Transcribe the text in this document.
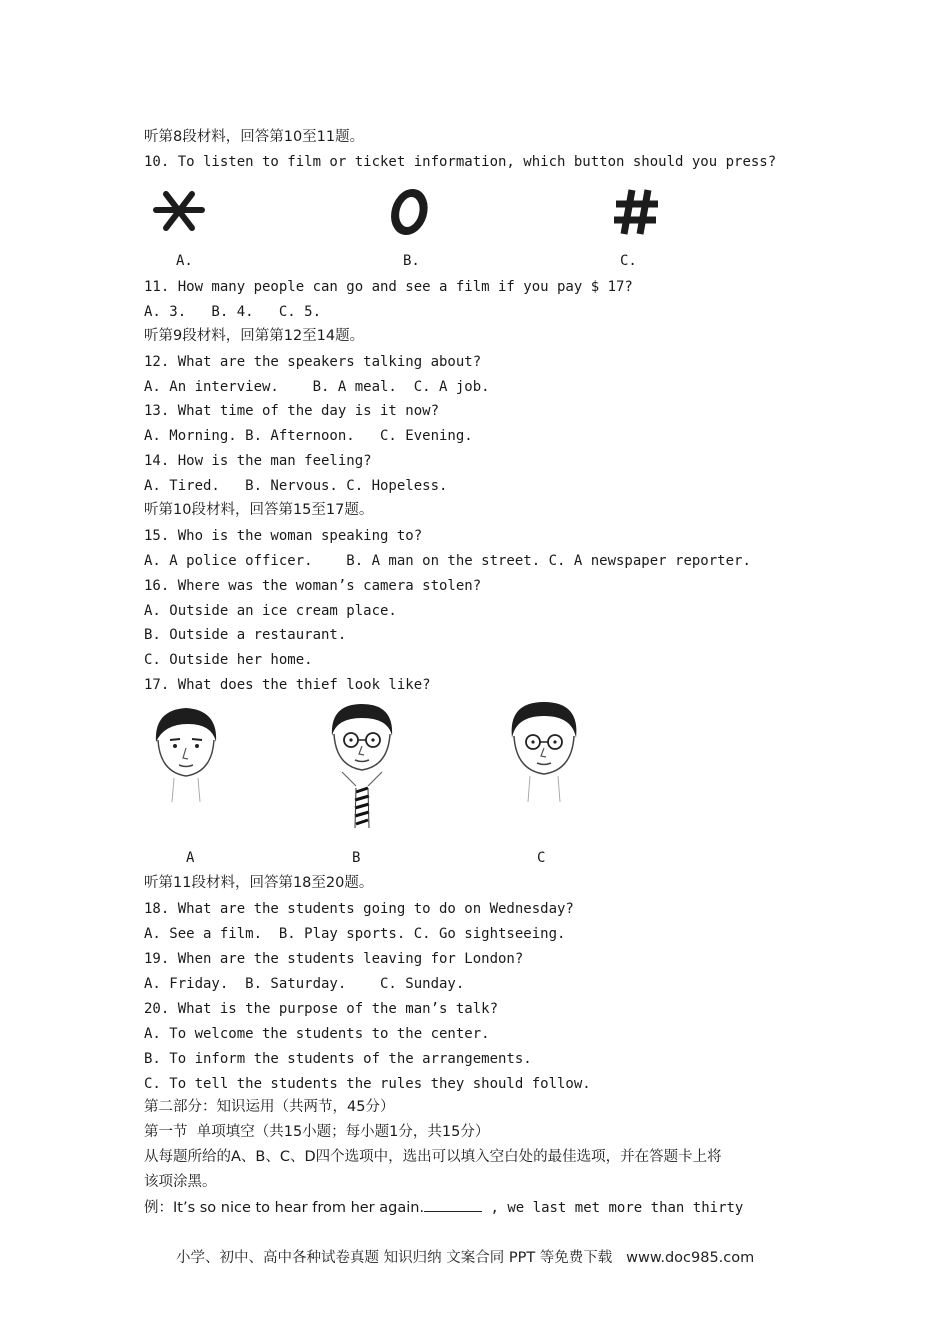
听第8段材料，回答第10至11题。
10. To listen to film or ticket information, which button should you press?
A.	B.	C.
11. How many people can go and see a film if you pay $ 17?
A. 3.   B. 4.   C. 5.
听第9段材料，回第第12至14题。
12. What are the speakers talking about?
A. An interview.    B. A meal.  C. A job.
13. What time of the day is it now?
A. Morning. B. Afternoon.   C. Evening.
14. How is the man feeling?
A. Tired.   B. Nervous. C. Hopeless.
听第10段材料，回答第15至17题。
15. Who is the woman speaking to?
A. A police officer.    B. A man on the street. C. A newspaper reporter.
16. Where was the woman’s camera stolen?
A. Outside an ice cream place.
B. Outside a restaurant.
C. Outside her home.
17. What does the thief look like?
A	B	C
听第11段材料，回答第18至20题。
18. What are the students going to do on Wednesday?
A. See a film.  B. Play sports. C. Go sightseeing.
19. When are the students leaving for London?
A. Friday.  B. Saturday.    C. Sunday.
20. What is the purpose of the man’s talk?
A. To welcome the students to the center.
B. To inform the students of the arrangements.
C. To tell the students the rules they should follow.
第二部分：知识运用（共两节，45分）
第一节  单项填空（共15小题；每小题1分，共15分）
从每题所给的A、B、C、D四个选项中，选出可以填入空白处的最佳选项，并在答题卡上将
该项涂黑。
例：It’s so nice to hear from her again.	, we last met more than thirty
小学、初中、高中各种试卷真题 知识归纳 文案合同 PPT 等免费下载   www.doc985.com
